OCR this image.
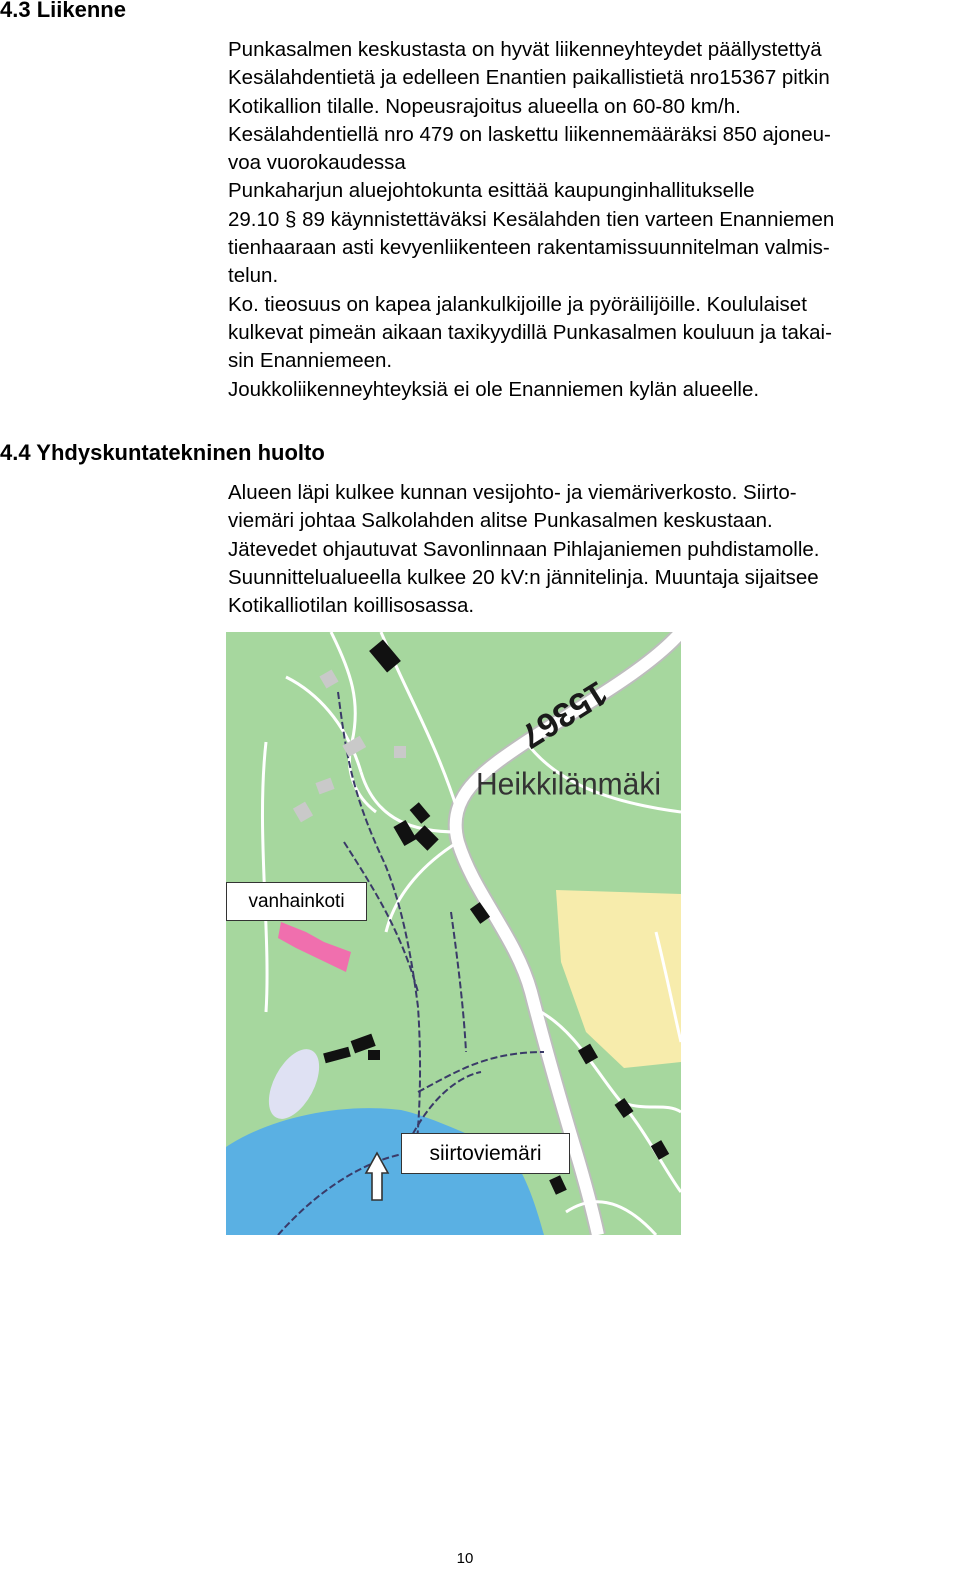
4.3 Liikenne
Punkasalmen keskustasta on hyvät liikenneyhteydet päällystettyä
Kesälahdentietä ja edelleen Enantien paikallistietä nro15367 pitkin
Kotikallion tilalle. Nopeusrajoitus alueella on 60-80 km/h.
Kesälahdentiellä nro 479 on laskettu liikennemääräksi 850 ajoneu-
voa vuorokaudessa
Punkaharjun aluejohtokunta esittää kaupunginhallitukselle
29.10 § 89 käynnistettäväksi Kesälahden tien varteen Enanniemen
tienhaaraan asti kevyenliikenteen rakentamissuunnitelman valmis-
telun.
Ko. tieosuus on kapea jalankulkijoille ja pyöräilijöille. Koululaiset
kulkevat pimeän aikaan taxikyydillä Punkasalmen kouluun ja takai-
sin Enanniemeen.
Joukkoliikenneyhteyksiä ei ole Enanniemen kylän alueelle.
4.4 Yhdyskuntatekninen huolto
Alueen läpi kulkee kunnan vesijohto- ja viemäriverkosto. Siirto-
viemäri johtaa Salkolahden alitse Punkasalmen keskustaan.
Jätevedet ohjautuvat Savonlinnaan Pihlajaniemen puhdistamolle.
Suunnittelualueella kulkee 20 kV:n jännitelinja. Muuntaja sijaitsee
Kotikalliotilan koillisosassa.
15367
Heikkilänmäki
vanhainkoti
siirtoviemäri
10
